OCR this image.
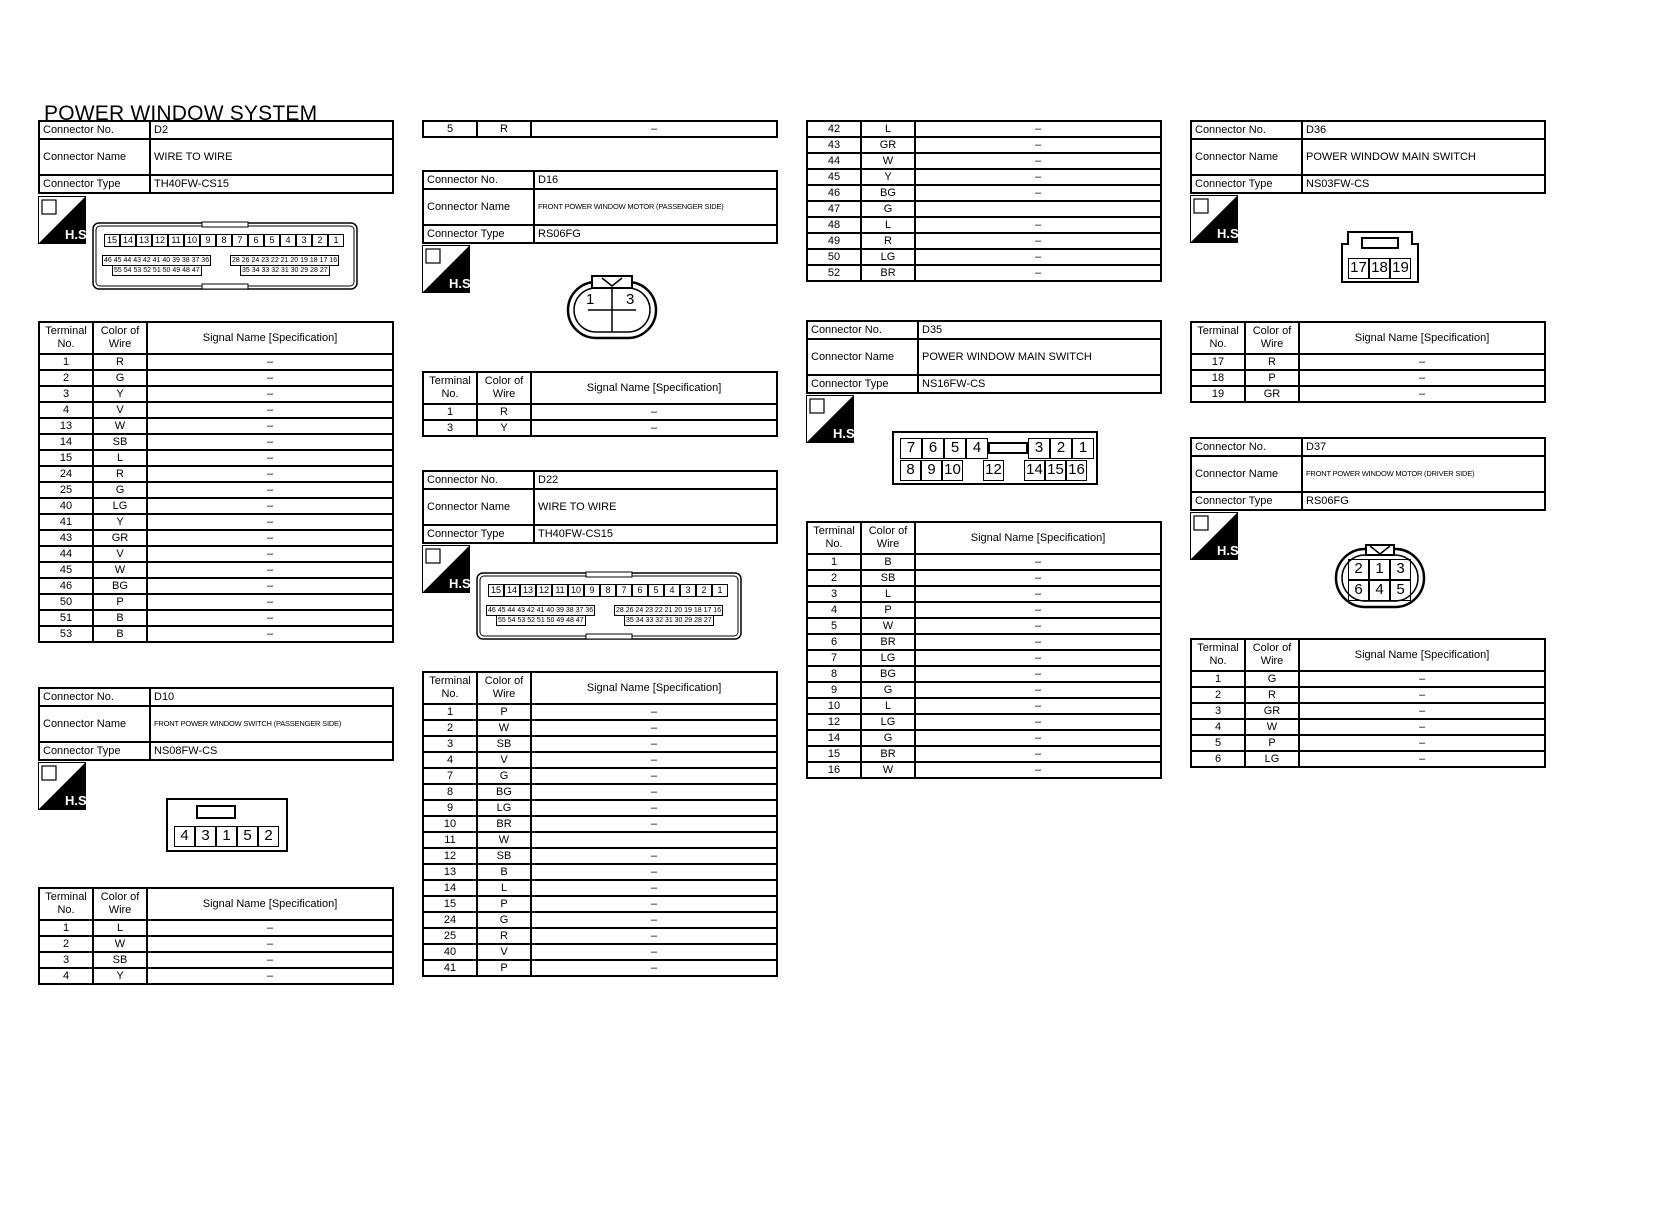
POWER WINDOW SYSTEM
Connector No.	D2
Connector Name	WIRE TO WIRE
Connector Type	TH40FW-CS15
H.S.	15 14 13 12 11 10 9	8	7	6	5	4	3	2	1
46 45 44 43 42 41 40 39 38 37 36	28 26 24 23 22 21 20 19 18 17 16
55 54 53 52 51 50 49 48 47	35 34 33 32 31 30 29 28 27
Terminal No.	Color of Wire	Signal Name [Specification]
1	R	–
2	G	–
3	Y	–
4	V	–
13	W	–
14	SB	–
15	L	–
24	R	–
25	G	–
40	LG	–
41	Y	–
43	GR	–
44	V	–
45	W	–
46	BG	–
50	P	–
51	B	–
53	B	–
Connector No.	D10
Connector Name	FRONT POWER WINDOW SWITCH (PASSENGER SIDE)
Connector Type	NS08FW-CS
H.S.
4 3 1 5 2
Terminal No.	Color of Wire	Signal Name [Specification]
1	L	–
2	W	–
3	SB	–
4	Y	–
5	R	–
Connector No.	D16
Connector Name	FRONT POWER WINDOW MOTOR (PASSENGER SIDE)
Connector Type	RS06FG
H.S.
1 3
Terminal No.	Color of Wire	Signal Name [Specification]
1	R	–
3	Y	–
Connector No.	D22
Connector Name	WIRE TO WIRE
Connector Type	TH40FW-CS15
H.S.	15 14 13 12 11 10 9	8	7	6	5	4	3	2	1
46 45 44 43 42 41 40 39 38 37 36	28 26 24 23 22 21 20 19 18 17 16
55 54 53 52 51 50 49 48 47	35 34 33 32 31 30 29 28 27
Terminal No.	Color of Wire	Signal Name [Specification]
1	P	–
2	W	–
3	SB	–
4	V	–
7	G	–
8	BG	–
9	LG	–
10	BR	–
11	W	
12	SB	–
13	B	–
14	L	–
15	P	–
24	G	–
25	R	–
40	V	–
41	P	–
42	L	–
43	GR	–
44	W	–
45	Y	–
46	BG	–
47	G	
48	L	–
49	R	–
50	LG	–
52	BR	–
Connector No.	D35
Connector Name	POWER WINDOW MAIN SWITCH
Connector Type	NS16FW-CS
H.S.
7 6 5 4	3 2 1
8 9 10 12 14 15 16
Terminal No.	Color of Wire	Signal Name [Specification]
1	B	–
2	SB	–
3	L	–
4	P	–
5	W	–
6	BR	–
7	LG	–
8	BG	–
9	G	–
10	L	–
12	LG	–
14	G	–
15	BR	–
16	W	–
Connector No.	D36
Connector Name	POWER WINDOW MAIN SWITCH
Connector Type	NS03FW-CS
H.S.
17 18 19
Terminal No.	Color of Wire	Signal Name [Specification]
17	R	–
18	P	–
19	GR	–
Connector No.	D37
Connector Name	FRONT POWER WINDOW MOTOR (DRIVER SIDE)
Connector Type	RS06FG
H.S.
2 1 3
6 4 5
Terminal No.	Color of Wire	Signal Name [Specification]
1	G	–
2	R	–
3	GR	–
4	W	–
5	P	–
6	LG	–
